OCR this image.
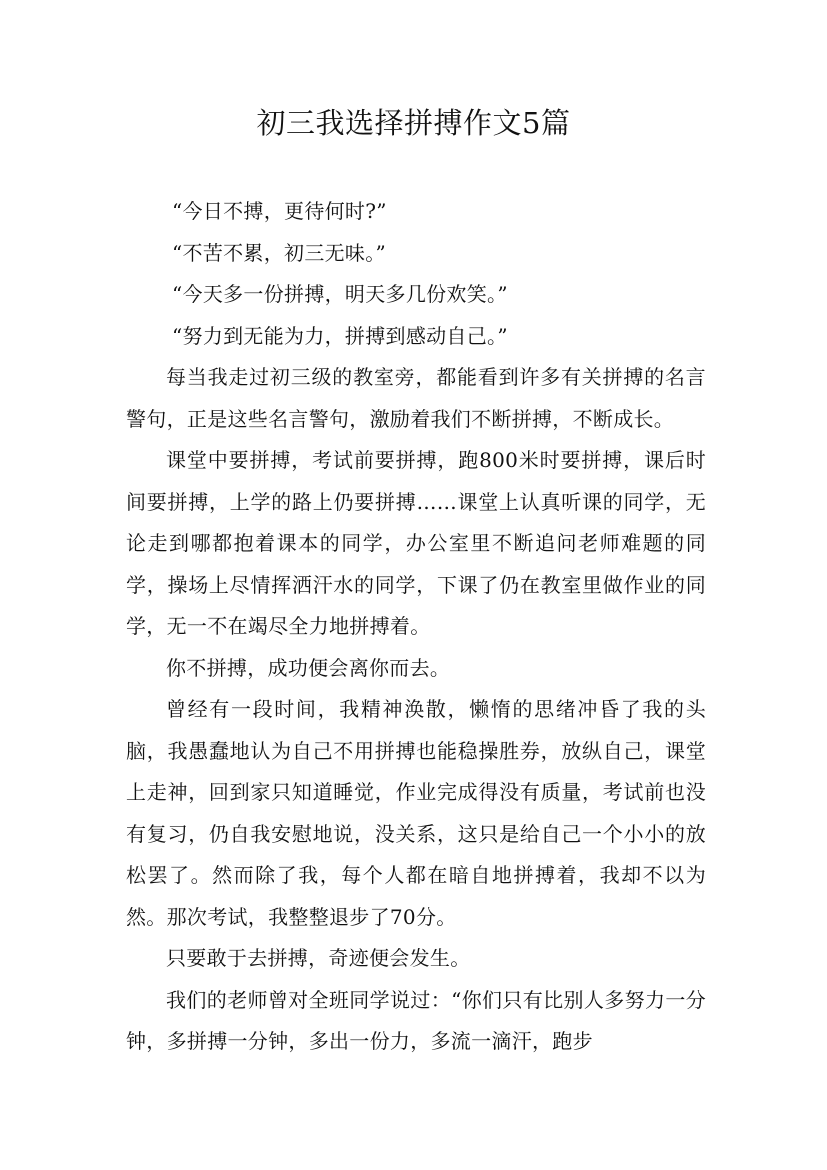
初三我选择拼搏作文5篇

“今日不搏，更待何时?”

“不苦不累，初三无味。”

“今天多一份拼搏，明天多几份欢笑。”

“努力到无能为力，拼搏到感动自己。”

每当我走过初三级的教室旁，都能看到许多有关拼搏的名言警句，正是这些名言警句，激励着我们不断拼搏，不断成长。

课堂中要拼搏，考试前要拼搏，跑800米时要拼搏，课后时间要拼搏，上学的路上仍要拼搏……课堂上认真听课的同学，无论走到哪都抱着课本的同学，办公室里不断追问老师难题的同学，操场上尽情挥洒汗水的同学，下课了仍在教室里做作业的同学，无一不在竭尽全力地拼搏着。

你不拼搏，成功便会离你而去。

曾经有一段时间，我精神涣散，懒惰的思绪冲昏了我的头脑，我愚蠢地认为自己不用拼搏也能稳操胜券，放纵自己，课堂上走神，回到家只知道睡觉，作业完成得没有质量，考试前也没有复习，仍自我安慰地说，没关系，这只是给自己一个小小的放松罢了。然而除了我，每个人都在暗自地拼搏着，我却不以为然。那次考试，我整整退步了70分。

只要敢于去拼搏，奇迹便会发生。

我们的老师曾对全班同学说过：“你们只有比别人多努力一分钟，多拼搏一分钟，多出一份力，多流一滴汗，跑步
